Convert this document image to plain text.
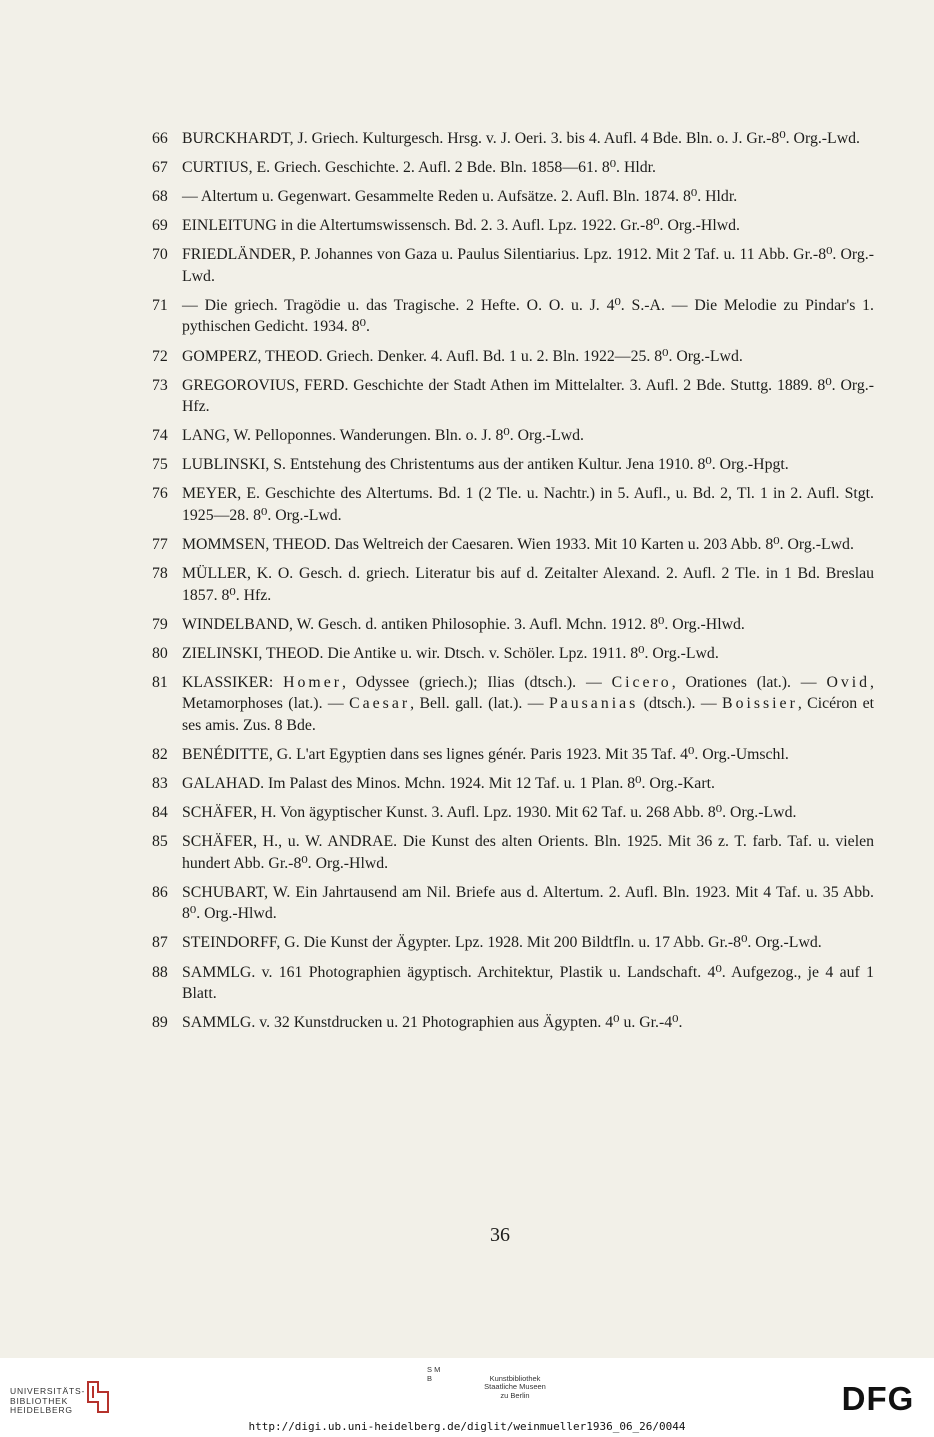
66 BURCKHARDT, J. Griech. Kulturgesch. Hrsg. v. J. Oeri. 3. bis 4. Aufl. 4 Bde. Bln. o. J. Gr.-8⁰. Org.-Lwd.
67 CURTIUS, E. Griech. Geschichte. 2. Aufl. 2 Bde. Bln. 1858—61. 8⁰. Hldr.
68 — Altertum u. Gegenwart. Gesammelte Reden u. Aufsätze. 2. Aufl. Bln. 1874. 8⁰. Hldr.
69 EINLEITUNG in die Altertumswissensch. Bd. 2. 3. Aufl. Lpz. 1922. Gr.-8⁰. Org.-Hlwd.
70 FRIEDLÄNDER, P. Johannes von Gaza u. Paulus Silentiarius. Lpz. 1912. Mit 2 Taf. u. 11 Abb. Gr.-8⁰. Org.-Lwd.
71 — Die griech. Tragödie u. das Tragische. 2 Hefte. O. O. u. J. 4⁰. S.-A. — Die Melodie zu Pindar's 1. pythischen Gedicht. 1934. 8⁰.
72 GOMPERZ, THEOD. Griech. Denker. 4. Aufl. Bd. 1 u. 2. Bln. 1922—25. 8⁰. Org.-Lwd.
73 GREGOROVIUS, FERD. Geschichte der Stadt Athen im Mittelalter. 3. Aufl. 2 Bde. Stuttg. 1889. 8⁰. Org.-Hfz.
74 LANG, W. Pelloponnes. Wanderungen. Bln. o. J. 8⁰. Org.-Lwd.
75 LUBLINSKI, S. Entstehung des Christentums aus der antiken Kultur. Jena 1910. 8⁰. Org.-Hpgt.
76 MEYER, E. Geschichte des Altertums. Bd. 1 (2 Tle. u. Nachtr.) in 5. Aufl., u. Bd. 2, Tl. 1 in 2. Aufl. Stgt. 1925—28. 8⁰. Org.-Lwd.
77 MOMMSEN, THEOD. Das Weltreich der Caesaren. Wien 1933. Mit 10 Karten u. 203 Abb. 8⁰. Org.-Lwd.
78 MÜLLER, K. O. Gesch. d. griech. Literatur bis auf d. Zeitalter Alexand. 2. Aufl. 2 Tle. in 1 Bd. Breslau 1857. 8⁰. Hfz.
79 WINDELBAND, W. Gesch. d. antiken Philosophie. 3. Aufl. Mchn. 1912. 8⁰. Org.-Hlwd.
80 ZIELINSKI, THEOD. Die Antike u. wir. Dtsch. v. Schöler. Lpz. 1911. 8⁰. Org.-Lwd.
81 KLASSIKER: Homer, Odyssee (griech.); Ilias (dtsch.). — Cicero, Orationes (lat.). — Ovid, Metamorphoses (lat.). — Caesar, Bell. gall. (lat.). — Pausanias (dtsch.). — Boissier, Cicéron et ses amis. Zus. 8 Bde.
82 BENÉDITTE, G. L'art Egyptien dans ses lignes génér. Paris 1923. Mit 35 Taf. 4⁰. Org.-Umschl.
83 GALAHAD. Im Palast des Minos. Mchn. 1924. Mit 12 Taf. u. 1 Plan. 8⁰. Org.-Kart.
84 SCHÄFER, H. Von ägyptischer Kunst. 3. Aufl. Lpz. 1930. Mit 62 Taf. u. 268 Abb. 8⁰. Org.-Lwd.
85 SCHÄFER, H., u. W. ANDRAE. Die Kunst des alten Orients. Bln. 1925. Mit 36 z. T. farb. Taf. u. vielen hundert Abb. Gr.-8⁰. Org.-Hlwd.
86 SCHUBART, W. Ein Jahrtausend am Nil. Briefe aus d. Altertum. 2. Aufl. Bln. 1923. Mit 4 Taf. u. 35 Abb. 8⁰. Org.-Hlwd.
87 STEINDORFF, G. Die Kunst der Ägypter. Lpz. 1928. Mit 200 Bildtfln. u. 17 Abb. Gr.-8⁰. Org.-Lwd.
88 SAMMLG. v. 161 Photographien ägyptisch. Architektur, Plastik u. Landschaft. 4⁰. Aufgezog., je 4 auf 1 Blatt.
89 SAMMLG. v. 32 Kunstdrucken u. 21 Photographien aus Ägypten. 4⁰ u. Gr.-4⁰.
36
UNIVERSITÄTS-
BIBLIOTHEK
HEIDELBERG
S M
B	Kunstbibliothek
Staatliche Museen
zu Berlin	DFG
http://digi.ub.uni-heidelberg.de/diglit/weinmueller1936_06_26/0044
